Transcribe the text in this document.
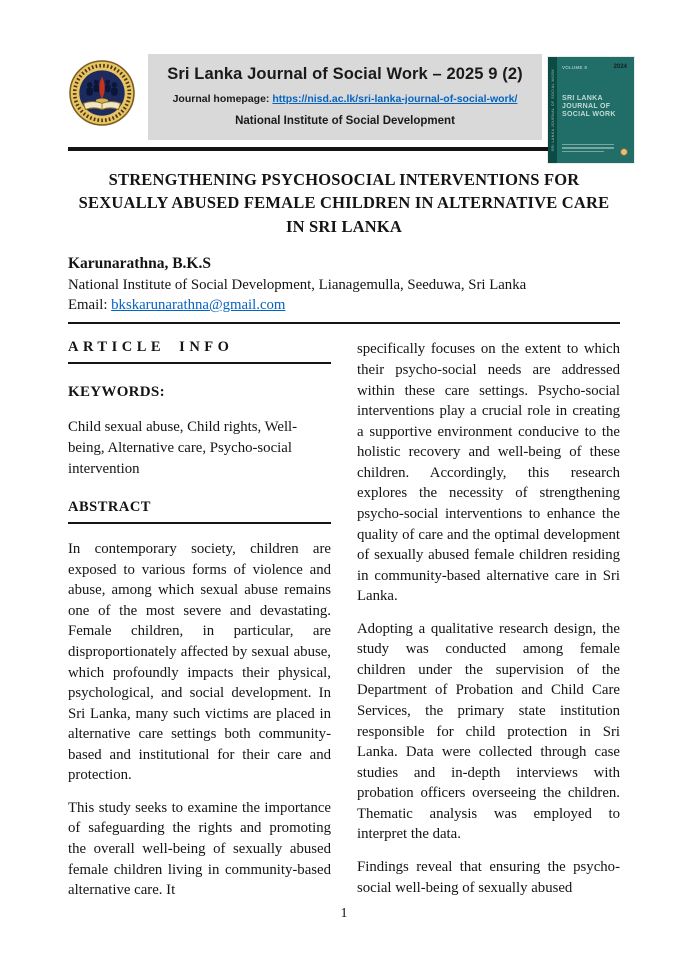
Sri Lanka Journal of Social Work – 2025 9 (2)
Journal homepage: https://nisd.ac.lk/sri-lanka-journal-of-social-work/
National Institute of Social Development	SRI LANKA JOURNAL OF SOCIAL WORK
VOLUME 8	2024
SRI LANKA JOURNAL OF SOCIAL WORK
STRENGTHENING PSYCHOSOCIAL INTERVENTIONS FOR SEXUALLY ABUSED FEMALE CHILDREN IN ALTERNATIVE CARE IN SRI LANKA
Karunarathna, B.K.S
National Institute of Social Development, Lianagemulla, Seeduwa, Sri Lanka
Email: bkskarunarathna@gmail.com
ARTICLE INFO
KEYWORDS:

Child sexual abuse, Child rights, Well-being, Alternative care, Psycho-social intervention

ABSTRACT

In contemporary society, children are exposed to various forms of violence and abuse, among which sexual abuse remains one of the most severe and devastating. Female children, in particular, are disproportionately affected by sexual abuse, which profoundly impacts their physical, psychological, and social development. In Sri Lanka, many such victims are placed in alternative care settings both community-based and institutional for their care and protection.

This study seeks to examine the importance of safeguarding the rights and promoting the overall well-being of sexually abused female children living in community-based alternative care. It

specifically focuses on the extent to which their psycho-social needs are addressed within these care settings. Psycho-social interventions play a crucial role in creating a supportive environment conducive to the holistic recovery and well-being of these children. Accordingly, this research explores the necessity of strengthening psycho-social interventions to enhance the quality of care and the optimal development of sexually abused female children residing in community-based alternative care in Sri Lanka.

Adopting a qualitative research design, the study was conducted among female children under the supervision of the Department of Probation and Child Care Services, the primary state institution responsible for child protection in Sri Lanka. Data were collected through case studies and in-depth interviews with probation officers overseeing the children. Thematic analysis was employed to interpret the data.

Findings reveal that ensuring the psycho-social well-being of sexually abused

1
